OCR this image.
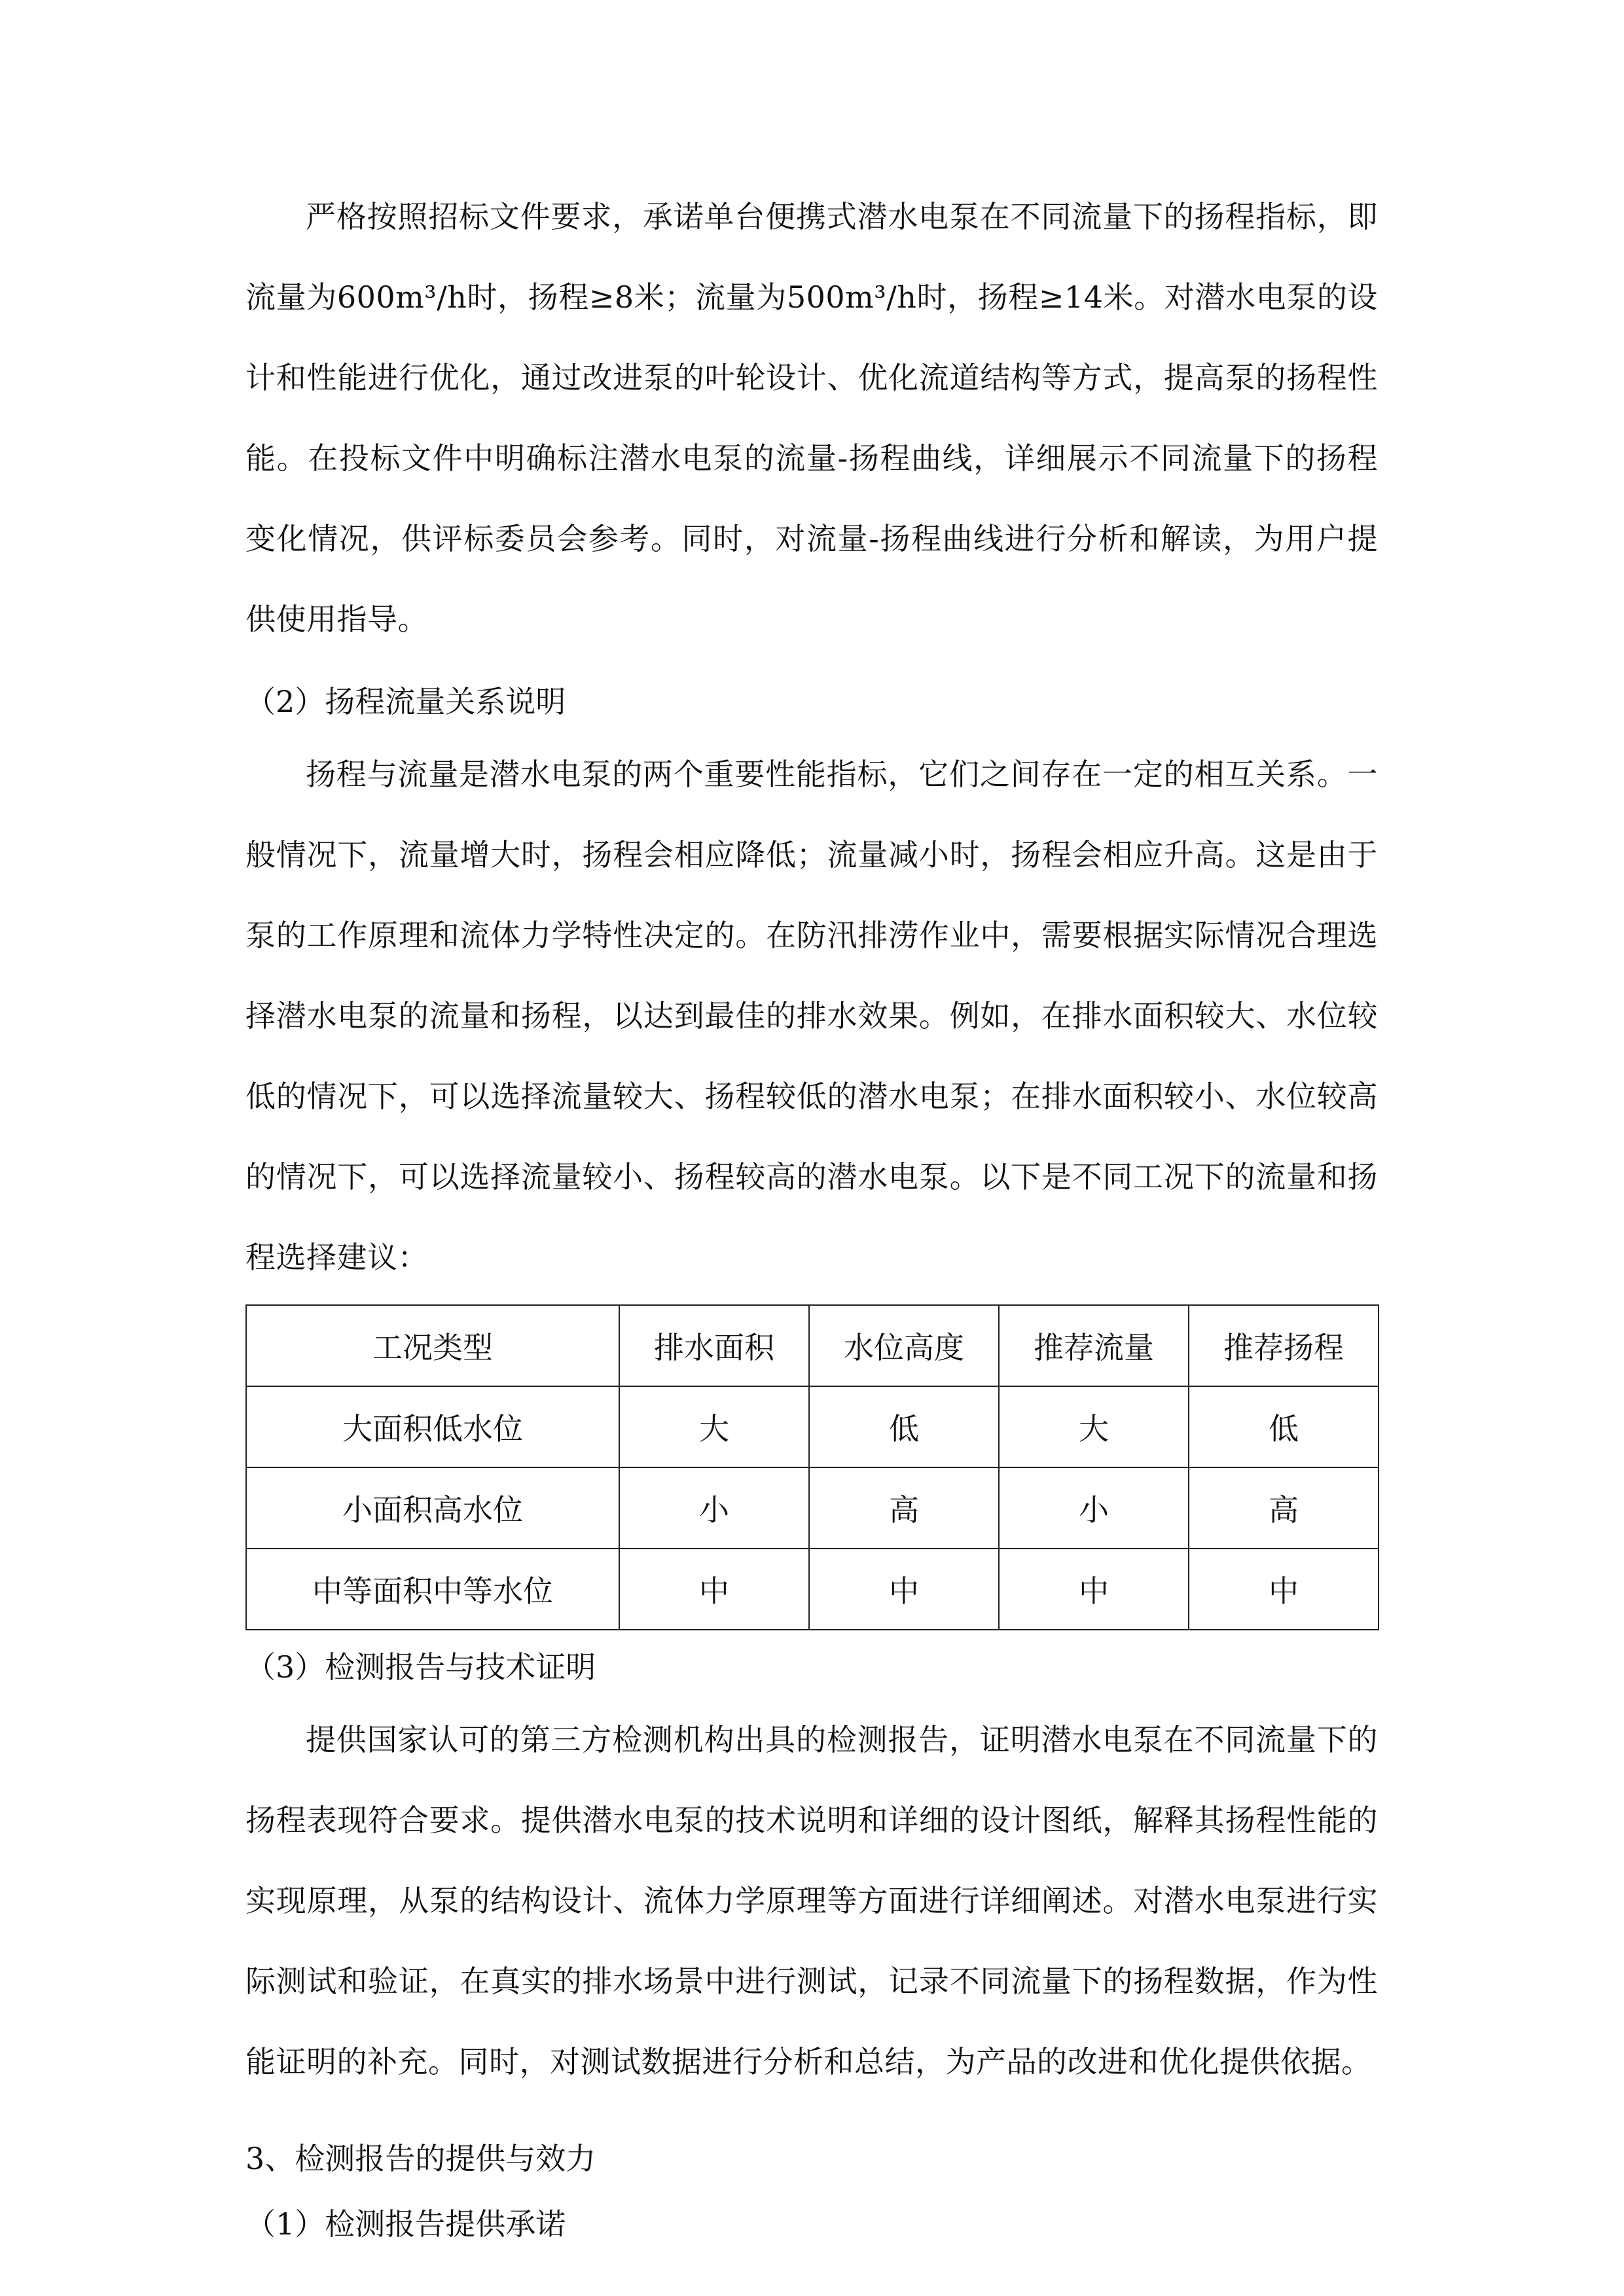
严格按照招标文件要求，承诺单台便携式潜水电泵在不同流量下的扬程指标，即流量为600m³/h时，扬程≥8米；流量为500m³/h时，扬程≥14米。对潜水电泵的设计和性能进行优化，通过改进泵的叶轮设计、优化流道结构等方式，提高泵的扬程性能。在投标文件中明确标注潜水电泵的流量-扬程曲线，详细展示不同流量下的扬程变化情况，供评标委员会参考。同时，对流量-扬程曲线进行分析和解读，为用户提供使用指导。

（2）扬程流量关系说明

扬程与流量是潜水电泵的两个重要性能指标，它们之间存在一定的相互关系。一般情况下，流量增大时，扬程会相应降低；流量减小时，扬程会相应升高。这是由于泵的工作原理和流体力学特性决定的。在防汛排涝作业中，需要根据实际情况合理选择潜水电泵的流量和扬程，以达到最佳的排水效果。例如，在排水面积较大、水位较低的情况下，可以选择流量较大、扬程较低的潜水电泵；在排水面积较小、水位较高的情况下，可以选择流量较小、扬程较高的潜水电泵。以下是不同工况下的流量和扬程选择建议：

工况类型	排水面积	水位高度	推荐流量	推荐扬程
大面积低水位	大	低	大	低
小面积高水位	小	高	小	高
中等面积中等水位	中	中	中	中

（3）检测报告与技术证明

提供国家认可的第三方检测机构出具的检测报告，证明潜水电泵在不同流量下的扬程表现符合要求。提供潜水电泵的技术说明和详细的设计图纸，解释其扬程性能的实现原理，从泵的结构设计、流体力学原理等方面进行详细阐述。对潜水电泵进行实际测试和验证，在真实的排水场景中进行测试，记录不同流量下的扬程数据，作为性能证明的补充。同时，对测试数据进行分析和总结，为产品的改进和优化提供依据。

3、检测报告的提供与效力

（1）检测报告提供承诺
